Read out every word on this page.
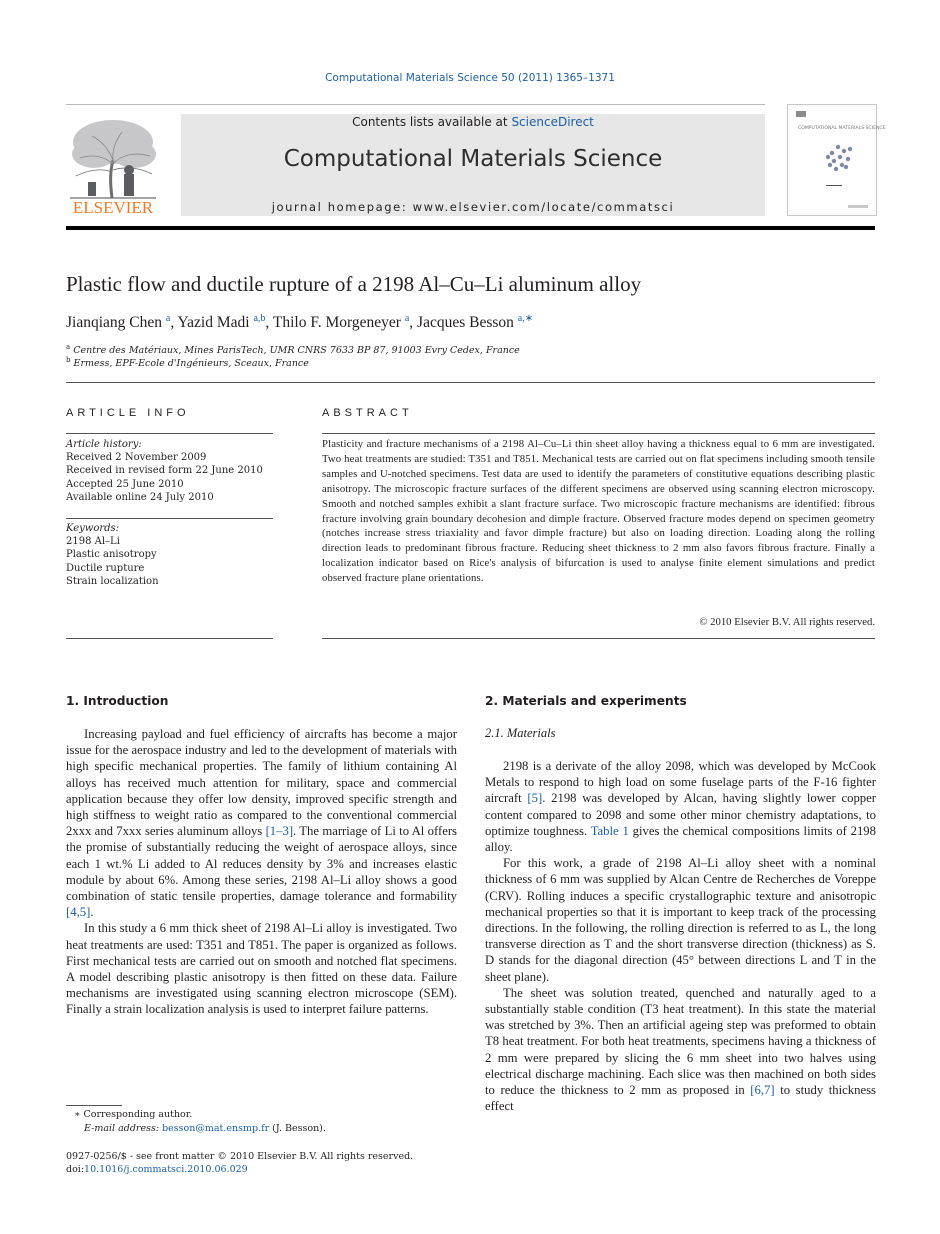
Computational Materials Science 50 (2011) 1365–1371
ELSEVIER
Contents lists available at ScienceDirect
Computational Materials Science
journal homepage: www.elsevier.com/locate/commatsci
COMPUTATIONAL MATERIALS SCIENCE
Plastic flow and ductile rupture of a 2198 Al–Cu–Li aluminum alloy
Jianqiang Chen $^a$, Yazid Madi $^{a,b}$, Thilo F. Morgeneyer $^a$, Jacques Besson $^{a,∗}$
$^a$ Centre des Matériaux, Mines ParisTech, UMR CNRS 7633 BP 87, 91003 Evry Cedex, France
$^b$ Ermess, EPF-Ecole d'Ingénieurs, Sceaux, France
ARTICLE INFO
Article history:
Received 2 November 2009
Received in revised form 22 June 2010
Accepted 25 June 2010
Available online 24 July 2010
Keywords:
2198 Al–Li
Plastic anisotropy
Ductile rupture
Strain localization
ABSTRACT
Plasticity and fracture mechanisms of a 2198 Al–Cu–Li thin sheet alloy having a thickness equal to 6 mm are investigated. Two heat treatments are studied: T351 and T851. Mechanical tests are carried out on flat specimens including smooth tensile samples and U-notched specimens. Test data are used to identify the parameters of constitutive equations describing plastic anisotropy. The microscopic fracture surfaces of the different specimens are observed using scanning electron microscopy. Smooth and notched samples exhibit a slant fracture surface. Two microscopic fracture mechanisms are identified: fibrous fracture involving grain boundary decohesion and dimple fracture. Observed fracture modes depend on specimen geometry (notches increase stress triaxiality and favor dimple fracture) but also on loading direction. Loading along the rolling direction leads to predominant fibrous fracture. Reducing sheet thickness to 2 mm also favors fibrous fracture. Finally a localization indicator based on Rice's analysis of bifurcation is used to analyse finite element simulations and predict observed fracture plane orientations.
© 2010 Elsevier B.V. All rights reserved.
1. Introduction

Increasing payload and fuel efficiency of aircrafts has become a major issue for the aerospace industry and led to the development of materials with high specific mechanical properties. The family of lithium containing Al alloys has received much attention for military, space and commercial application because they offer low density, improved specific strength and high stiffness to weight ratio as compared to the conventional commercial 2xxx and 7xxx series aluminum alloys [1–3]. The marriage of Li to Al offers the promise of substantially reducing the weight of aerospace alloys, since each 1 wt.% Li added to Al reduces density by 3% and increases elastic module by about 6%. Among these series, 2198 Al–Li alloy shows a good combination of static tensile properties, damage tolerance and formability [4,5].

In this study a 6 mm thick sheet of 2198 Al–Li alloy is investigated. Two heat treatments are used: T351 and T851. The paper is organized as follows. First mechanical tests are carried out on smooth and notched flat specimens. A model describing plastic anisotropy is then fitted on these data. Failure mechanisms are investigated using scanning electron microscope (SEM). Finally a strain localization analysis is used to interpret failure patterns.

2. Materials and experiments
2.1. Materials

2198 is a derivate of the alloy 2098, which was developed by McCook Metals to respond to high load on some fuselage parts of the F-16 fighter aircraft [5]. 2198 was developed by Alcan, having slightly lower copper content compared to 2098 and some other minor chemistry adaptations, to optimize toughness. Table 1 gives the chemical compositions limits of 2198 alloy.

For this work, a grade of 2198 Al–Li alloy sheet with a nominal thickness of 6 mm was supplied by Alcan Centre de Recherches de Voreppe (CRV). Rolling induces a specific crystallographic texture and anisotropic mechanical properties so that it is important to keep track of the processing directions. In the following, the rolling direction is referred to as L, the long transverse direction as T and the short transverse direction (thickness) as S. D stands for the diagonal direction (45° between directions L and T in the sheet plane).

The sheet was solution treated, quenched and naturally aged to a substantially stable condition (T3 heat treatment). In this state the material was stretched by 3%. Then an artificial ageing step was preformed to obtain T8 heat treatment. For both heat treatments, specimens having a thickness of 2 mm were prepared by slicing the 6 mm sheet into two halves using electrical discharge machining. Each slice was then machined on both sides to reduce the thickness to 2 mm as proposed in [6,7] to study thickness effect

∗ Corresponding author.
E-mail address: besson@mat.ensmp.fr (J. Besson).
0927-0256/$ - see front matter © 2010 Elsevier B.V. All rights reserved.
doi:10.1016/j.commatsci.2010.06.029
